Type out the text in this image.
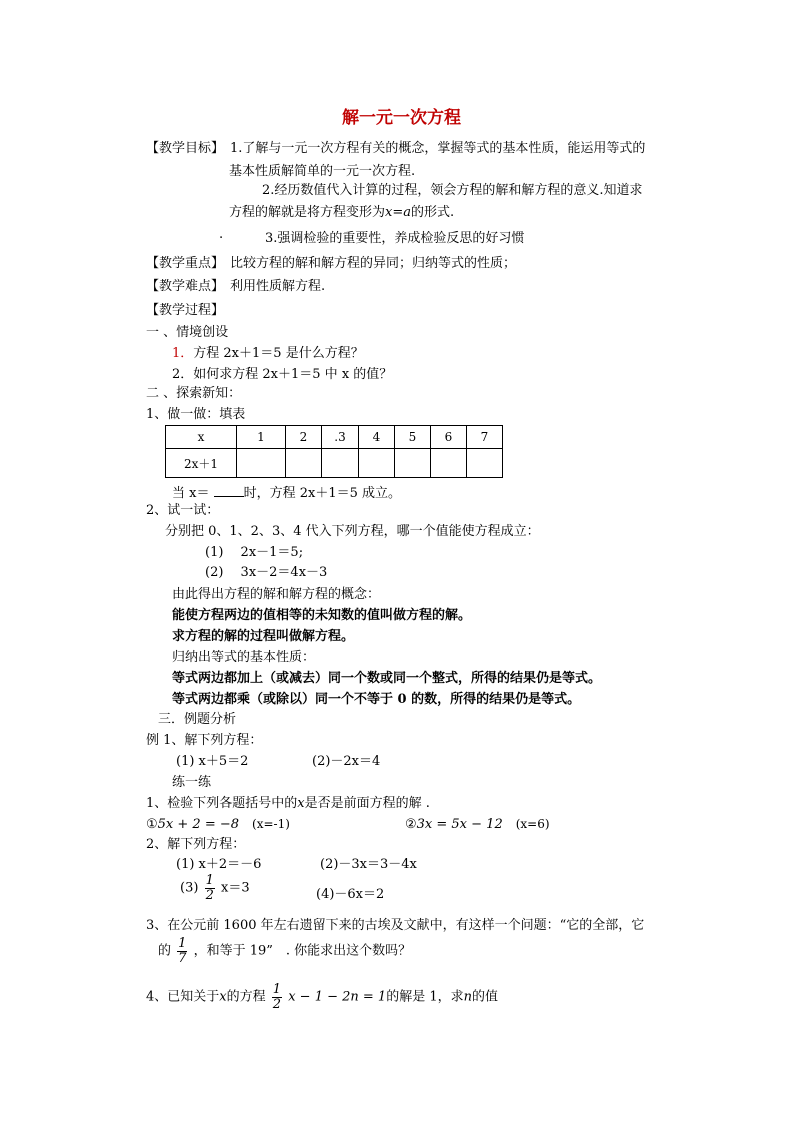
解一元一次方程
【教学目标】 1.了解与一元一次方程有关的概念，掌握等式的基本性质，能运用等式的
基本性质解简单的一元一次方程.
2.经历数值代入计算的过程，领会方程的解和解方程的意义.知道求
方程的解就是将方程变形为x=a的形式.
.	3.强调检验的重要性，养成检验反思的好习惯
【教学重点】 比较方程的解和解方程的异同；归纳等式的性质；
【教学难点】 利用性质解方程.
【教学过程】
一 、情境创设
1．方程 2x＋1＝5 是什么方程？
2．如何求方程 2x＋1＝5 中 x 的值？
二 、探索新知：
1、做一做：填表
x	1	2	.3	4	5	6	7
2x＋1							
当 x＝ 时，方程 2x＋1＝5 成立。
2、试一试：
分别把 0、1、2、3、4 代入下列方程，哪一个值能使方程成立：
(1)　 2x－1＝5;
(2)　 3x－2＝4x－3
由此得出方程的解和解方程的概念：
能使方程两边的值相等的未知数的值叫做方程的解。
求方程的解的过程叫做解方程。
归纳出等式的基本性质：
等式两边都加上（或减去）同一个数或同一个整式，所得的结果仍是等式。
等式两边都乘（或除以）同一个不等于 0 的数，所得的结果仍是等式。
三．例题分析
例 1、解下列方程：
(1) x＋5＝2	(2)－2x＝4
练一练
1、检验下列各题括号中的x是否是前面方程的解 .
①5x + 2 = −8　 (x=-1)	②3x = 5x − 12　 (x=6)
2、解下列方程：
(1) x＋2＝－6	(2)－3x＝3－4x
$(3) \frac{1}{2} x=3$	(4)－6x＝2
3、在公元前 1600 年左右遗留下来的古埃及文献中，有这样一个问题：“它的全部，它
的 $\frac{1}{7}$ ，和等于 19”　. 你能求出这个数吗？
4、已知关于x的方程 $\frac{1}{2}$ x − 1 − 2n = 1的解是 1，求n的值
